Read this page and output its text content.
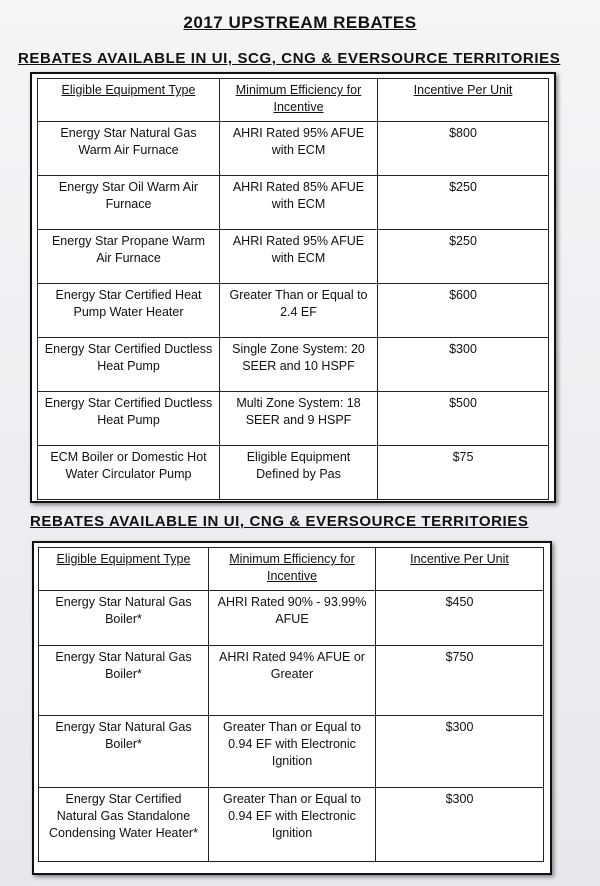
2017 UPSTREAM REBATES
REBATES AVAILABLE IN UI, SCG, CNG & EVERSOURCE TERRITORIES
Eligible Equipment Type	Minimum Efficiency for Incentive	Incentive Per Unit
Energy Star Natural Gas Warm Air Furnace	AHRI Rated 95% AFUE with ECM	$800
Energy Star Oil Warm Air Furnace	AHRI Rated 85% AFUE with ECM	$250
Energy Star Propane Warm Air Furnace	AHRI Rated 95% AFUE with ECM	$250
Energy Star Certified Heat Pump Water Heater	Greater Than or Equal to 2.4 EF	$600
Energy Star Certified Ductless Heat Pump	Single Zone System: 20 SEER and 10 HSPF	$300
Energy Star Certified Ductless Heat Pump	Multi Zone System: 18 SEER and 9 HSPF	$500
ECM Boiler or Domestic Hot Water Circulator Pump	Eligible Equipment Defined by Pas	$75
REBATES AVAILABLE IN UI, CNG & EVERSOURCE TERRITORIES
Eligible Equipment Type	Minimum Efficiency for Incentive	Incentive Per Unit
Energy Star Natural Gas Boiler*	AHRI Rated 90% - 93.99% AFUE	$450
Energy Star Natural Gas Boiler*	AHRI Rated 94% AFUE or Greater	$750
Energy Star Natural Gas Boiler*	Greater Than or Equal to 0.94 EF with Electronic Ignition	$300
Energy Star Certified Natural Gas Standalone Condensing Water Heater*	Greater Than or Equal to 0.94 EF with Electronic Ignition	$300
